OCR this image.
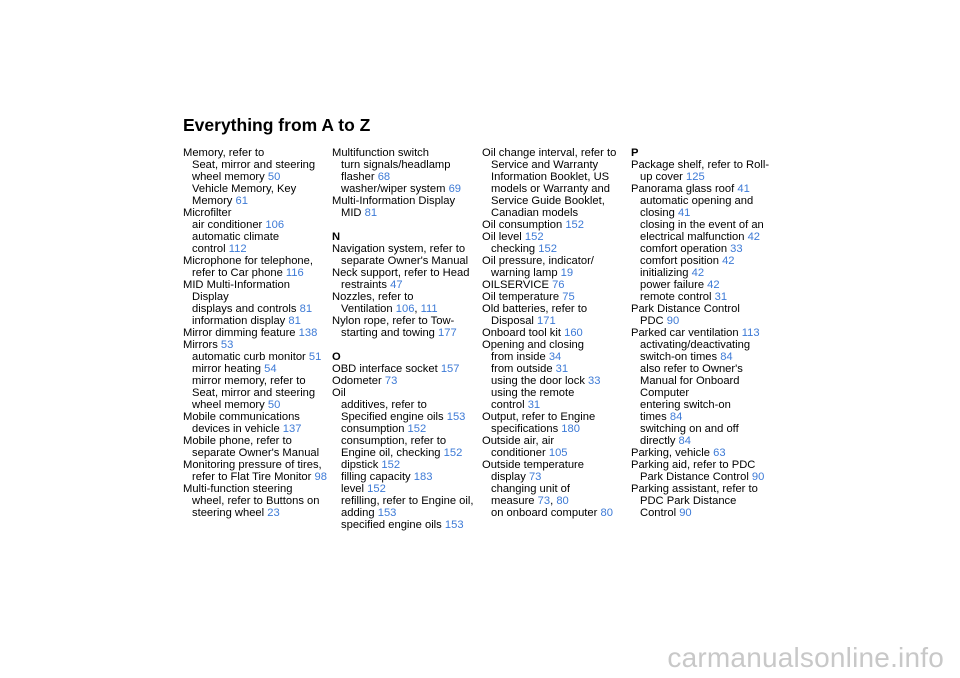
Everything from A to Z
Memory, refer to
Seat, mirror and steering
wheel memory 50
Vehicle Memory, Key
Memory 61
Microfilter
air conditioner 106
automatic climate
control 112
Microphone for telephone,
refer to Car phone 116
MID Multi-Information
Display
displays and controls 81
information display 81
Mirror dimming feature 138
Mirrors 53
automatic curb monitor 51
mirror heating 54
mirror memory, refer to
Seat, mirror and steering
wheel memory 50
Mobile communications
devices in vehicle 137
Mobile phone, refer to
separate Owner's Manual
Monitoring pressure of tires,
refer to Flat Tire Monitor 98
Multi-function steering
wheel, refer to Buttons on
steering wheel 23
Multifunction switch
turn signals/headlamp
flasher 68
washer/wiper system 69
Multi-Information Display
MID 81
N
Navigation system, refer to
separate Owner's Manual
Neck support, refer to Head
restraints 47
Nozzles, refer to
Ventilation 106, 111
Nylon rope, refer to Tow-
starting and towing 177
O
OBD interface socket 157
Odometer 73
Oil
additives, refer to
Specified engine oils 153
consumption 152
consumption, refer to
Engine oil, checking 152
dipstick 152
filling capacity 183
level 152
refilling, refer to Engine oil,
adding 153
specified engine oils 153
Oil change interval, refer to
Service and Warranty
Information Booklet, US
models or Warranty and
Service Guide Booklet,
Canadian models
Oil consumption 152
Oil level 152
checking 152
Oil pressure, indicator/
warning lamp 19
OILSERVICE 76
Oil temperature 75
Old batteries, refer to
Disposal 171
Onboard tool kit 160
Opening and closing
from inside 34
from outside 31
using the door lock 33
using the remote
control 31
Output, refer to Engine
specifications 180
Outside air, air
conditioner 105
Outside temperature
display 73
changing unit of
measure 73, 80
on onboard computer 80
P
Package shelf, refer to Roll-
up cover 125
Panorama glass roof 41
automatic opening and
closing 41
closing in the event of an
electrical malfunction 42
comfort operation 33
comfort position 42
initializing 42
power failure 42
remote control 31
Park Distance Control
PDC 90
Parked car ventilation 113
activating/deactivating
switch-on times 84
also refer to Owner's
Manual for Onboard
Computer
entering switch-on
times 84
switching on and off
directly 84
Parking, vehicle 63
Parking aid, refer to PDC
Park Distance Control 90
Parking assistant, refer to
PDC Park Distance
Control 90
carmanualsonline.info
